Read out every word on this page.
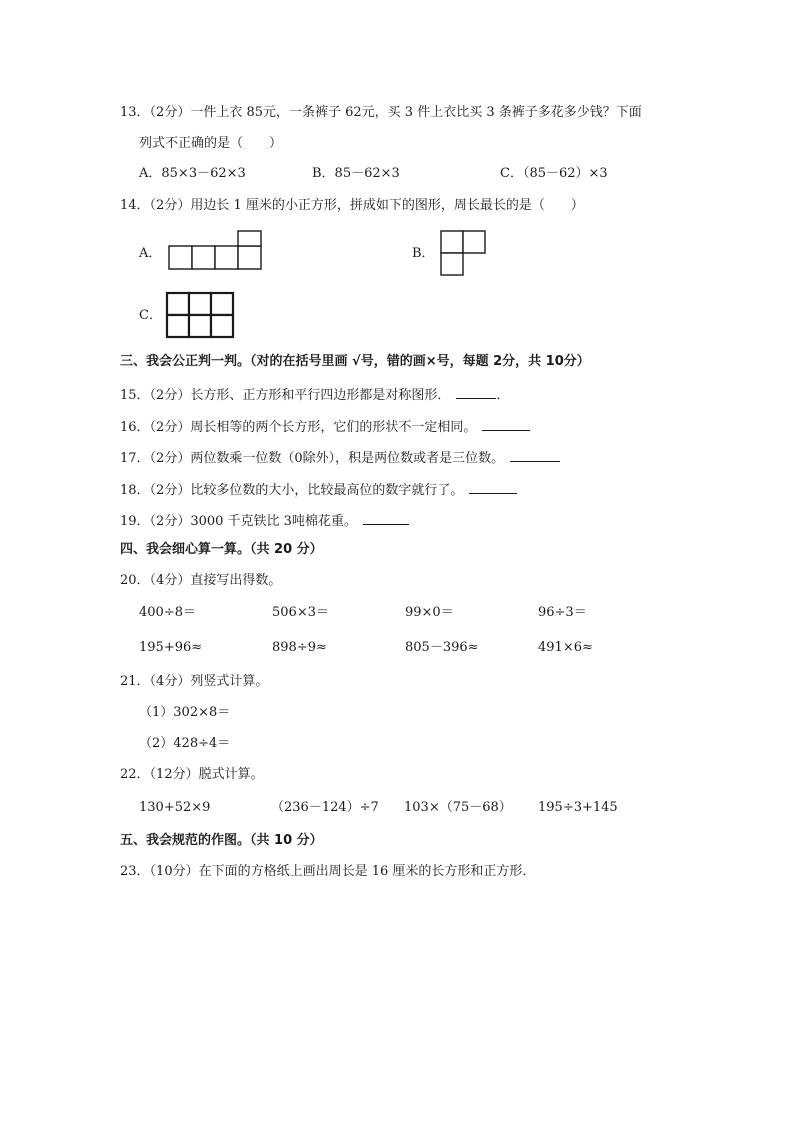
13．（2分）一件上衣 85元，一条裤子 62元，买 3 件上衣比买 3 条裤子多花多少钱？下面
列式不正确的是（　　）
A．85×3－62×3	B．85－62×3	C．（85－62）×3
14．（2分）用边长 1 厘米的小正方形，拼成如下的图形，周长最长的是（　　）
A．	B．
C．
三、我会公正判一判。（对的在括号里画 √号，错的画×号，每题 2分，共 10分）
15．（2分）长方形、正方形和平行四边形都是对称图形．	．
16．（2分）周长相等的两个长方形，它们的形状不一定相同。
17．（2分）两位数乘一位数（0除外），积是两位数或者是三位数。
18．（2分）比较多位数的大小，比较最高位的数字就行了。
19．（2分）3000 千克铁比 3吨棉花重。
四、我会细心算一算。（共 20 分）
20．（4分）直接写出得数。
400÷8＝	506×3＝	99×0＝	96÷3＝
195+96≈	898÷9≈	805－396≈	491×6≈
21．（4分）列竖式计算。
（1）302×8＝
（2）428÷4＝
22．（12分）脱式计算。
130+52×9	（236－124）÷7 103×（75－68） 195÷3+145
五、我会规范的作图。（共 10 分）
23．（10分）在下面的方格纸上画出周长是 16 厘米的长方形和正方形．
